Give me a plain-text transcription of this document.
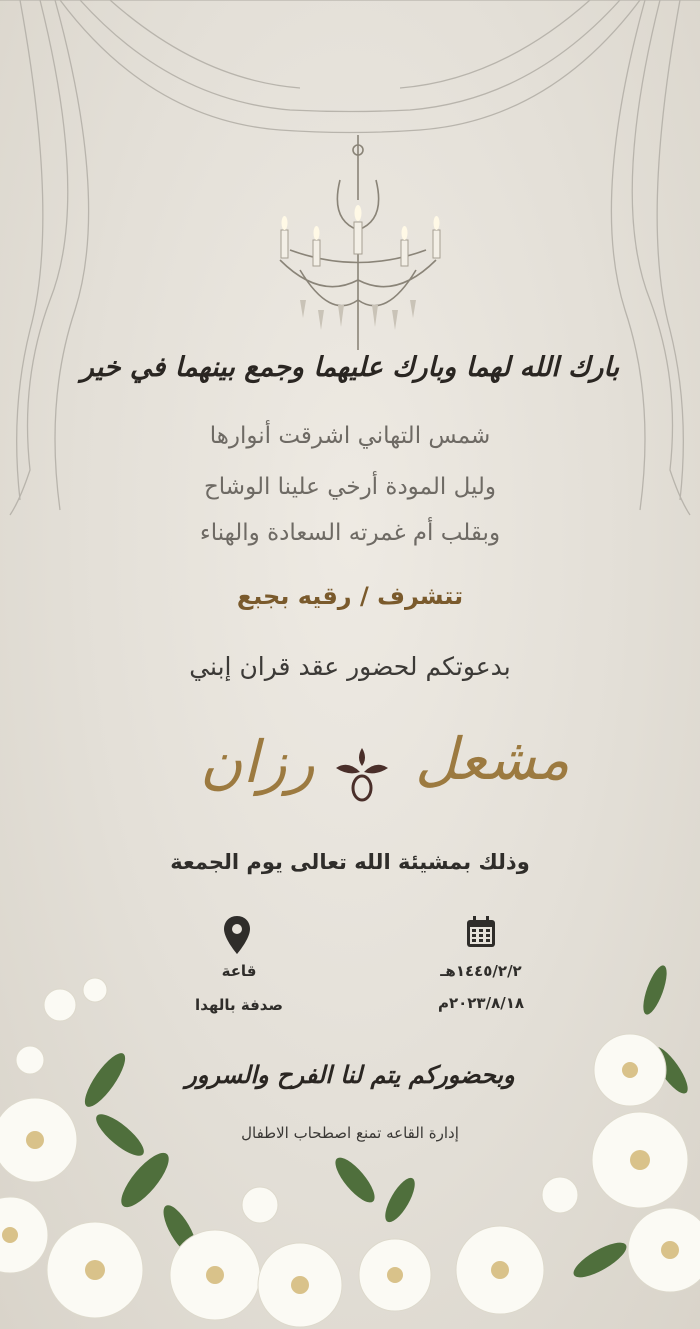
بارك الله لهما وبارك عليهما وجمع بينهما في خير
شمس التهاني اشرقت أنوارها
وليل المودة أرخي علينا الوشاح
وبقلب أم غمرته السعادة والهناء
تتشرف / رقيه بجبع
بدعوتكم لحضور عقد قران إبني
مشعل
رزان
وذلك بمشيئة الله تعالى يوم الجمعة
١٤٤٥/٢/٢هـ
٢٠٢٣/٨/١٨م
قاعة
صدفة بالهدا
وبحضوركم يتم لنا الفرح والسرور
إدارة القاعه تمنع اصطحاب الاطفال
